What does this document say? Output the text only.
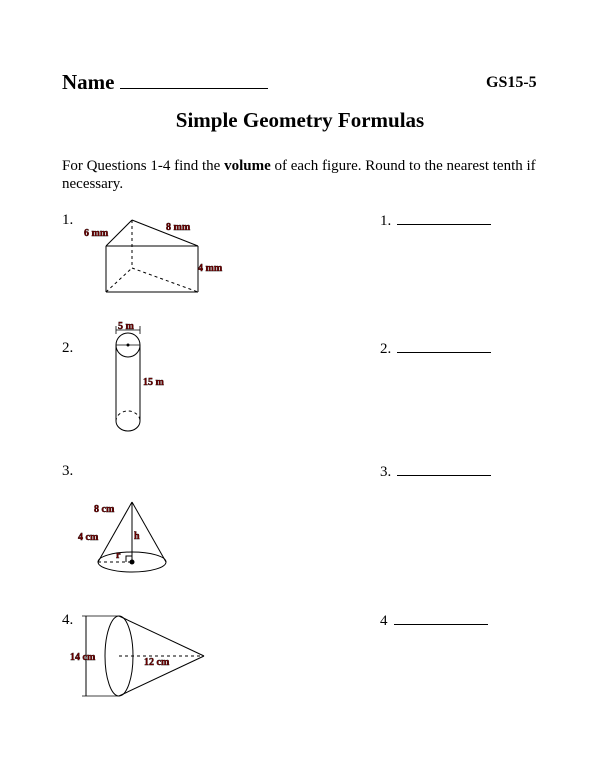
Name	GS15-5
Simple Geometry Formulas
For Questions 1-4 find the volume of each figure. Round to the nearest tenth if necessary.
1.
2.
3.
4.
1.
2.
3.
4
6 mm
8 mm
4 mm
5 m
15 m
8 cm
4 cm	h
r
14 cm	12 cm
